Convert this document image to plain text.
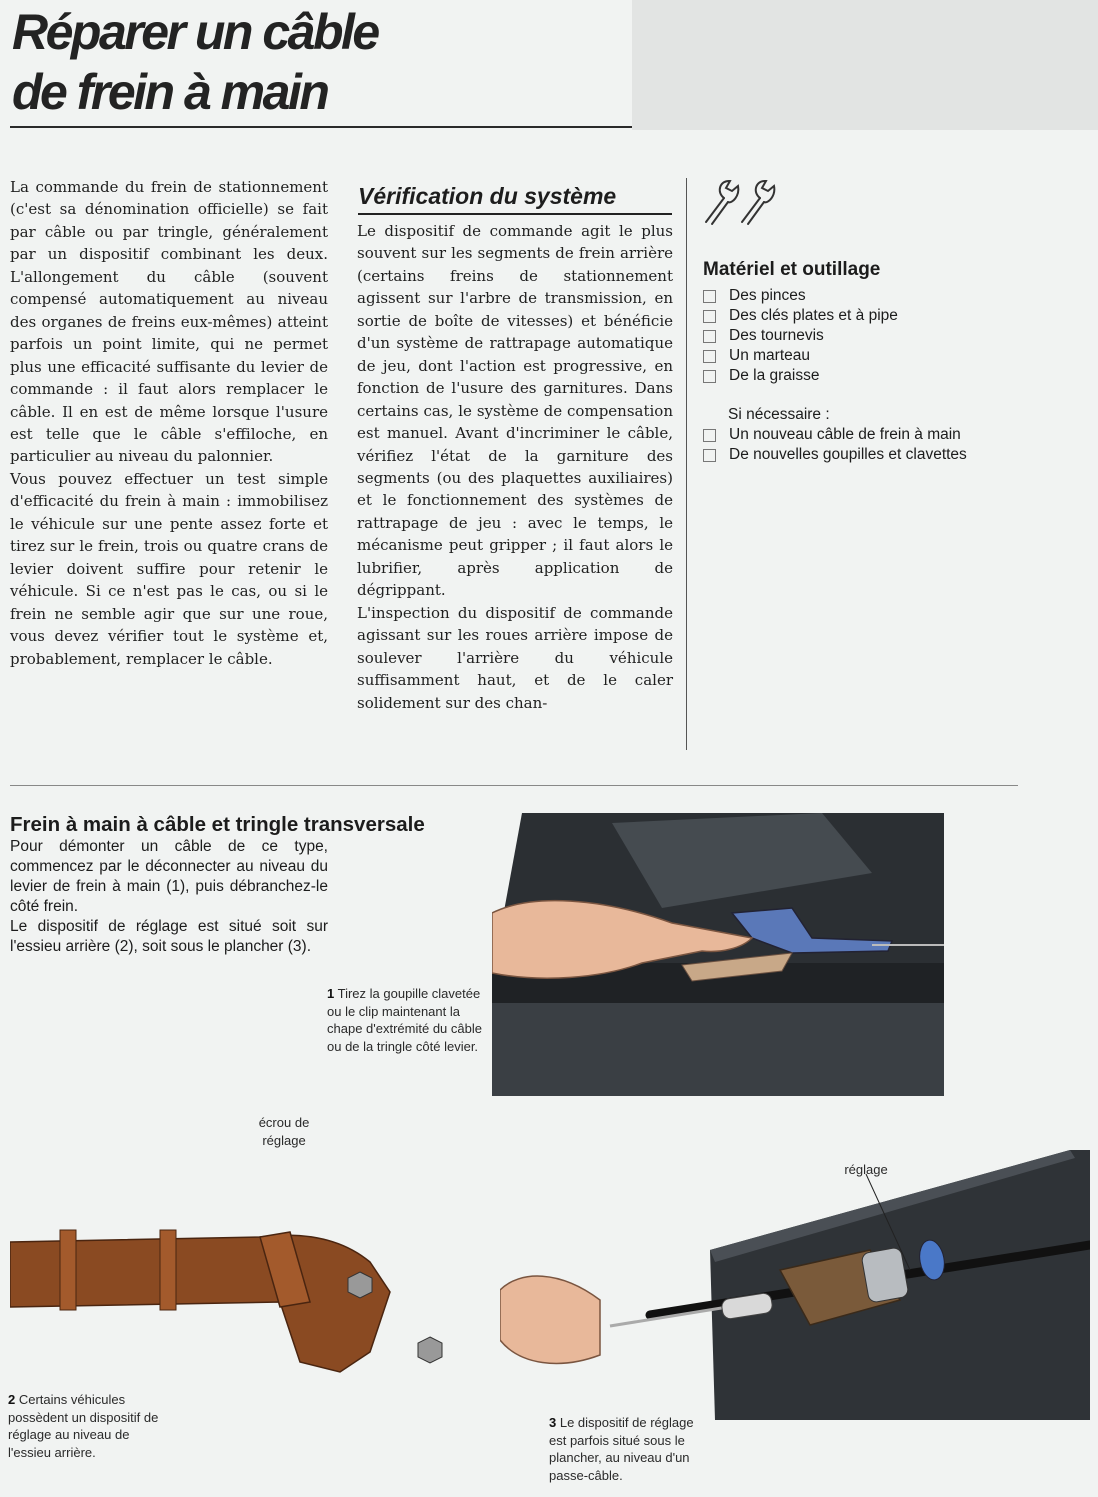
Réparer un câble
de frein à main

La commande du frein de stationnement (c'est sa dénomination officielle) se fait par câble ou par tringle, généralement par un dispositif combinant les deux. L'allongement du câble (souvent compensé automatiquement au niveau des organes de freins eux-mêmes) atteint parfois un point limite, qui ne permet plus une efficacité suffisante du levier de commande : il faut alors remplacer le câble. Il en est de même lorsque l'usure est telle que le câble s'effiloche, en particulier au niveau du palonnier.

Vous pouvez effectuer un test simple d'efficacité du frein à main : immobilisez le véhicule sur une pente assez forte et tirez sur le frein, trois ou quatre crans de levier doivent suffire pour retenir le véhicule. Si ce n'est pas le cas, ou si le frein ne semble agir que sur une roue, vous devez vérifier tout le système et, probablement, remplacer le câble.

Vérification du système

Le dispositif de commande agit le plus souvent sur les segments de frein arrière (certains freins de stationnement agissent sur l'arbre de transmission, en sortie de boîte de vitesses) et bénéficie d'un système de rattrapage automatique de jeu, dont l'action est progressive, en fonction de l'usure des garnitures. Dans certains cas, le système de compensation est manuel. Avant d'incriminer le câble, vérifiez l'état de la garniture des segments (ou des plaquettes auxiliaires) et le fonctionnement des systèmes de rattrapage de jeu : avec le temps, le mécanisme peut gripper ; il faut alors le lubrifier, après application de dégrippant.

L'inspection du dispositif de commande agissant sur les roues arrière impose de soulever l'arrière du véhicule suffisamment haut, et de le caler solidement sur des chan-

Matériel et outillage
Des pinces
Des clés plates et à pipe
Des tournevis
Un marteau
De la graisse
Si nécessaire :
Un nouveau câble de frein à main
De nouvelles goupilles et clavettes
Frein à main à câble et tringle transversale

Pour démonter un câble de ce type, commencez par le déconnecter au niveau du levier de frein à main (1), puis débranchez-le côté frein.

Le dispositif de réglage est situé soit sur l'essieu arrière (2), soit sous le plancher (3).

1 Tirez la goupille clavetée ou le clip maintenant la chape d'extrémité du câble ou de la tringle côté levier.
écrou de réglage
2 Certains véhicules possèdent un dispositif de réglage au niveau de l'essieu arrière.
réglage
3 Le dispositif de réglage est parfois situé sous le plancher, au niveau d'un passe-câble.
